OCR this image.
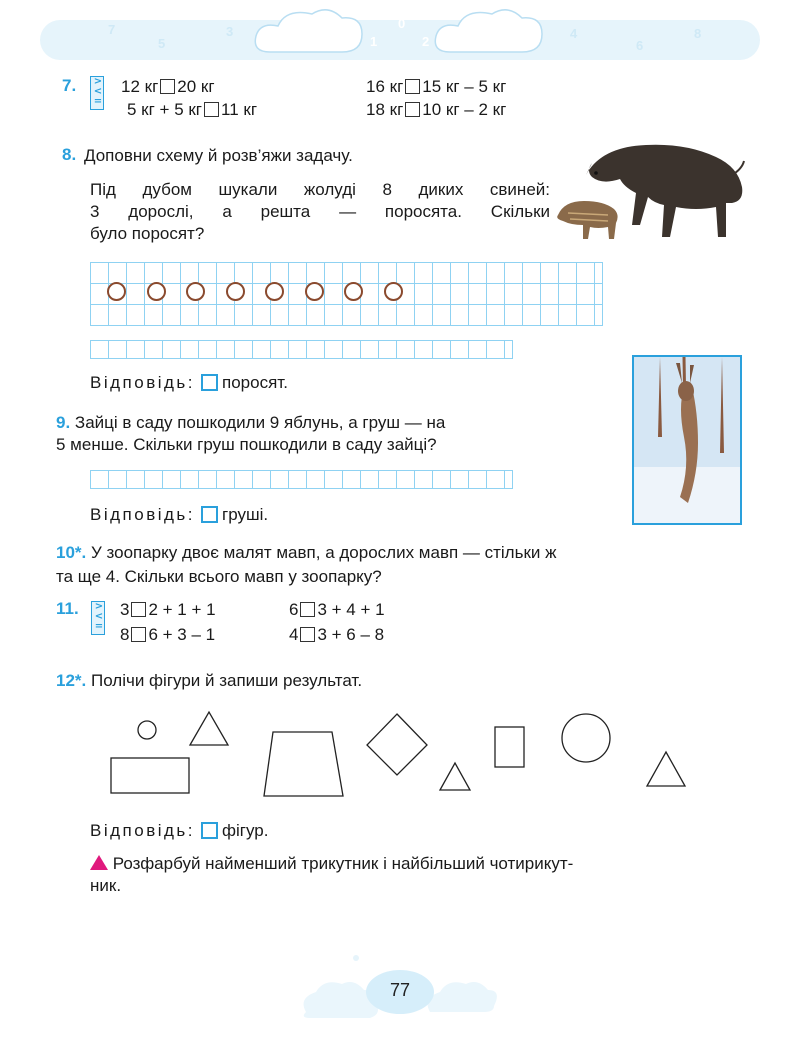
7
5
3
1
0
2
4
6
8
7. >
<
=
12 кг 20 кг
5 кг + 5 кг 11 кг
16 кг 15 кг – 5 кг
18 кг 10 кг – 2 кг
8. Доповни схему й розв’яжи задачу.
Під дубом шукали жолуді 8 диких свиней:
3 дорослі, а решта — поросята. Скільки
було поросят?
Відповідь: поросят.
9. Зайці в саду пошкодили 9 яблунь, а груш — на
5 менше. Скільки груш пошкодили в саду зайці?
Відповідь: груші.
10*. У зоопарку двоє малят мавп, а дорослих мавп — стільки ж
та ще 4. Скільки всього мавп у зоопарку?
11. >
<
=
3 2 + 1 + 1
8 6 + 3 – 1
6 3 + 4 + 1
4 3 + 6 – 8
12*. Полічи фігури й запиши результат.
Відповідь: фігур.
Розфарбуй найменший трикутник і найбільший чотирикут-
ник.
77
